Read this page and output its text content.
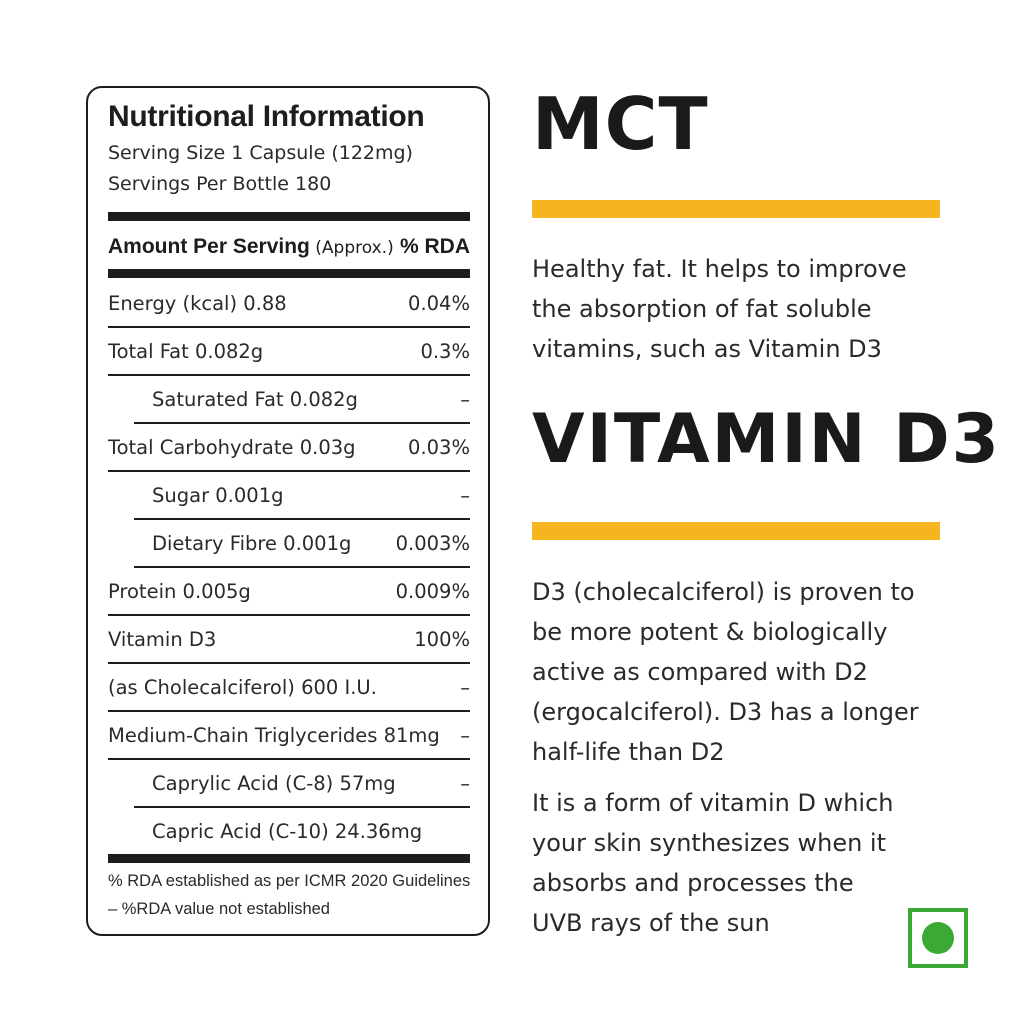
Nutritional Information
Serving Size 1 Capsule (122mg)
Servings Per Bottle 180
Amount Per Serving (Approx.) % RDA
Energy (kcal) 0.88	0.04%
Total Fat 0.082g	0.3%
Saturated Fat 0.082g	–
Total Carbohydrate 0.03g	0.03%
Sugar 0.001g	–
Dietary Fibre 0.001g 0.003%
Protein 0.005g	0.009%
Vitamin D3	100%
(as Cholecalciferol) 600 I.U.	–
Medium-Chain Triglycerides 81mg –
Caprylic Acid (C-8) 57mg	–
Capric Acid (C-10) 24.36mg
% RDA established as per ICMR 2020 Guidelines
– %RDA value not established
MCT
Healthy fat. It helps to improve
the absorption of fat soluble
vitamins, such as Vitamin D3
VITAMIN D3
D3 (cholecalciferol) is proven to
be more potent & biologically
active as compared with D2
(ergocalciferol). D3 has a longer
half-life than D2
It is a form of vitamin D which
your skin synthesizes when it
absorbs and processes the
UVB rays of the sun
